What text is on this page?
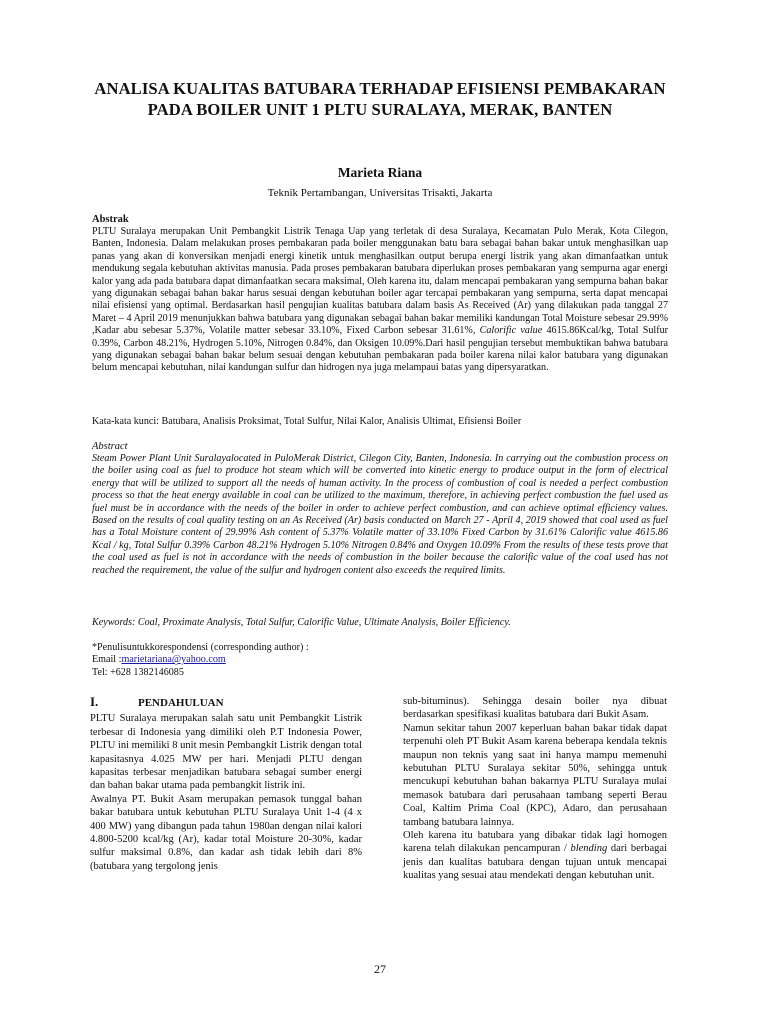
ANALISA KUALITAS BATUBARA TERHADAP EFISIENSI PEMBAKARAN PADA BOILER UNIT 1 PLTU SURALAYA, MERAK, BANTEN
Marieta Riana
Teknik Pertambangan, Universitas Trisakti, Jakarta
Abstrak
PLTU Suralaya merupakan Unit Pembangkit Listrik Tenaga Uap yang terletak di desa Suralaya, Kecamatan Pulo Merak, Kota Cilegon, Banten, Indonesia. Dalam melakukan proses pembakaran pada boiler menggunakan batu bara sebagai bahan bakar untuk menghasilkan uap panas yang akan di konversikan menjadi energi kinetik untuk menghasilkan output berupa energi listrik yang akan dimanfaatkan untuk mendukung segala kebutuhan aktivitas manusia. Pada proses pembakaran batubara diperlukan proses pembakaran yang sempurna agar energi kalor yang ada pada batubara dapat dimanfaatkan secara maksimal, Oleh karena itu, dalam mencapai pembakaran yang sempurna bahan bakar yang digunakan sebagai bahan bakar harus sesuai dengan kebutuhan boiler agar tercapai pembakaran yang sempurna, serta dapat mencapai nilai efisiensi yang optimal. Berdasarkan hasil pengujian kualitas batubara dalam basis As Received (Ar) yang dilakukan pada tanggal 27 Maret – 4 April 2019 menunjukkan bahwa batubara yang digunakan sebagai bahan bakar memiliki kandungan Total Moisture sebesar 29.99% ,Kadar abu sebesar 5.37%, Volatile matter sebesar 33.10%, Fixed Carbon sebesar 31.61%, Calorific value 4615.86Kcal/kg, Total Sulfur 0.39%, Carbon 48.21%, Hydrogen 5.10%, Nitrogen 0.84%, dan Oksigen 10.09%.Dari hasil pengujian tersebut membuktikan bahwa batubara yang digunakan sebagai bahan bakar belum sesuai dengan kebutuhan pembakaran pada boiler karena nilai kalor batubara yang digunakan belum mencapai kebutuhan, nilai kandungan sulfur dan hidrogen nya juga melampaui batas yang dipersyaratkan.
Kata-kata kunci: Batubara, Analisis Proksimat, Total Sulfur, Nilai Kalor, Analisis Ultimat, Efisiensi Boiler
Abstract
Steam Power Plant Unit Suralayalocated in PuloMerak District, Cilegon City, Banten, Indonesia. In carrying out the combustion process on the boiler using coal as fuel to produce hot steam which will be converted into kinetic energy to produce output in the form of electrical energy that will be utilized to support all the needs of human activity. In the process of combustion of coal is needed a perfect combustion process so that the heat energy available in coal can be utilized to the maximum, therefore, in achieving perfect combustion the fuel used as fuel must be in accordance with the needs of the boiler in order to achieve perfect combustion, and can achieve optimal efficiency values. Based on the results of coal quality testing on an As Received (Ar) basis conducted on March 27 - April 4, 2019 showed that coal used as fuel has a Total Moisture content of 29.99% Ash content of 5.37% Volatile matter of 33.10% Fixed Carbon by 31.61% Calorific value 4615.86 Kcal / kg, Total Sulfur 0.39% Carbon 48.21% Hydrogen 5.10% Nitrogen 0.84% and Oxygen 10.09% From the results of these tests prove that the coal used as fuel is not in accordance with the needs of combustion in the boiler because the calorific value of the coal used has not reached the requirement, the value of the sulfur and hydrogen content also exceeds the required limits.
Keywords: Coal, Proximate Analysis, Total Sulfur, Calorific Value, Ultimate Analysis, Boiler Efficiency.
*Penulisuntukkorespondensi (corresponding author) :
Email :marietariana@yahoo.com
Tel: +628 1382146085
I.	PENDAHULUAN

PLTU Suralaya merupakan salah satu unit Pembangkit Listrik terbesar di Indonesia yang dimiliki oleh P.T Indonesia Power, PLTU ini memiliki 8 unit mesin Pembangkit Listrik dengan total kapasitasnya 4.025 MW per hari. Menjadi PLTU dengan kapasitas terbesar menjadikan batubara sebagai sumber energi dan bahan bakar utama pada pembangkit listrik ini.

Awalnya PT. Bukit Asam merupakan pemasok tunggal bahan bakar batubara untuk kebutuhan PLTU Suralaya Unit 1-4 (4 x 400 MW) yang dibangun pada tahun 1980an dengan nilai kalori 4.800-5200 kcal/kg (Ar), kadar total Moisture 20-30%, kadar sulfur maksimal 0.8%, dan kadar ash tidak lebih dari 8% (batubara yang tergolong jenis

sub-bituminus). Sehingga desain boiler nya dibuat berdasarkan spesifikasi kualitas batubara dari Bukit Asam.

Namun sekitar tahun 2007 keperluan bahan bakar tidak dapat terpenuhi oleh PT Bukit Asam karena beberapa kendala teknis maupun non teknis yang saat ini hanya mampu memenuhi kebutuhan PLTU Suralaya sekitar 50%, sehingga untuk mencukupi kebutuhan bahan bakarnya PLTU Suralaya mulai memasok batubara dari perusahaan tambang seperti Berau Coal, Kaltim Prima Coal (KPC), Adaro, dan perusahaan tambang batubara lainnya.

Oleh karena itu batubara yang dibakar tidak lagi homogen karena telah dilakukan pencampuran / blending dari berbagai jenis dan kualitas batubara dengan tujuan untuk mencapai kualitas yang sesuai atau mendekati dengan kebutuhan unit.

27
